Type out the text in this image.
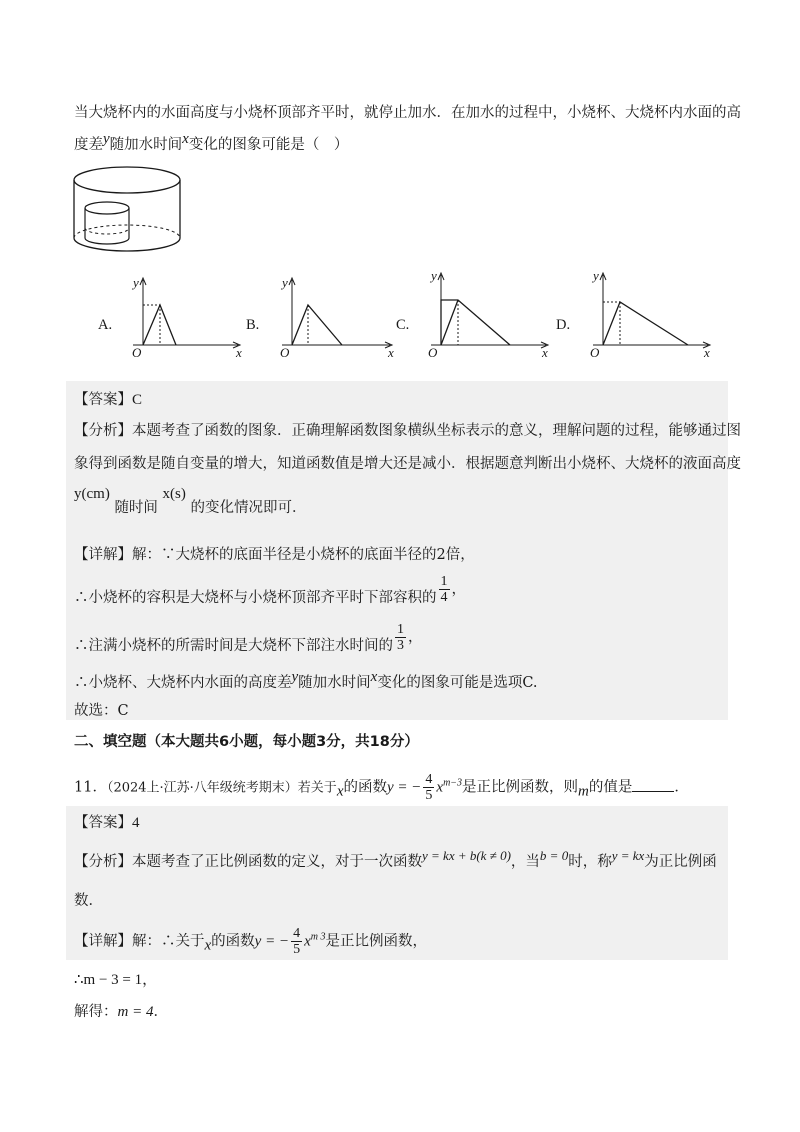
当大烧杯内的水面高度与小烧杯顶部齐平时，就停止加水．在加水的过程中，小烧杯、大烧杯内水面的高
度差$^y$随加水时间$^x$变化的图象可能是（　）
A.
y
O	x
B.
y
O	x
C.
y
O	x
D.
y
O	x
【答案】C
【分析】本题考查了函数的图象．正确理解函数图象横纵坐标表示的意义，理解问题的过程，能够通过图
象得到函数是随自变量的增大，知道函数值是增大还是减小．根据题意判断出小烧杯、大烧杯的液面高度
y(cm) 随时间 x(s) 的变化情况即可．
【详解】解：∵大烧杯的底面半径是小烧杯的底面半径的2倍，
∴小烧杯的容积是大烧杯与小烧杯顶部齐平时下部容积的 $\frac{1}{4}$ ，
∴注满小烧杯的所需时间是大烧杯下部注水时间的 $\frac{1}{3}$ ，
∴小烧杯、大烧杯内水面的高度差$^y$随加水时间$^x$变化的图象可能是选项C.
故选：C
二、填空题（本大题共6小题，每小题3分，共18分）
11．（2024上·江苏·八年级统考期末）若关于$_x$的函数y = − $\frac{4}{5} x^{m-3}$是正比例函数，则$_m$的值是	．
【答案】4
【分析】本题考查了正比例函数的定义，对于一次函数$^{y = kx + b(k \ne 0)}$，当$^{b = 0}$时，称$^{y = kx}$为正比例函
数．
【详解】解：∴关于$_x$的函数y = − $\frac{4}{5} x^{m 3}$是正比例函数，
∴m − 3 = 1，
解得：m = 4．
